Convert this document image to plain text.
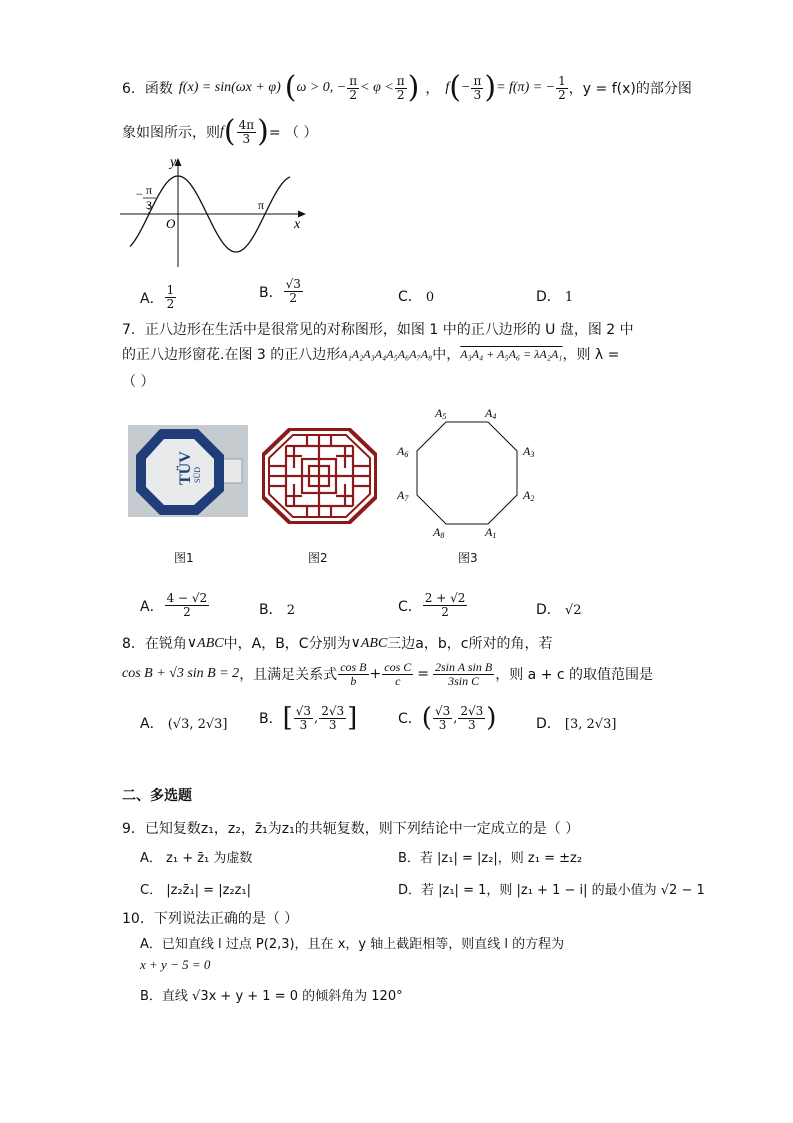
6． 函数 f(x) = sin(ωx + φ) ( ω > 0, − $\frac{\pi}{2} < \varphi < \frac{\pi}{2}$ ) ， f ( − $\frac{\pi}{3}$ ) = f(π) = − $\frac{1}{2}$ ，y = f(x)的部分图
象如图所示，则 f ( $\frac{4\pi}{3}$ ) = （ ）
y
x
O
− π
3	π
A． $\frac{1}{2}$	B． $\frac{√3}{2}$	C． 0	D． 1
7．正八边形在生活中是很常见的对称图形，如图 1 中的正八边形的 U 盘，图 2 中
的正八边形窗花.在图 3 的正八边形 A₁A₂A₃A₄A₅A₆A₇A₈ 中， A₃A₄ + A₅A₆ = λA₂A₁ ，则 λ =
（ ）
TÜV SÜD
图1	图2
A5	A4
A3
A2
A1
A8
A7
A6
图3
A． $\frac{4 - √2}{2}$	B． 2	C． $\frac{2 + √2}{2}$	D． √2
8．在锐角 ∨ABC 中，A，B，C分别为 ∨ABC 三边a，b，c所对的角，若
cos B + √3 sin B = 2 ，且满足关系式 $\frac{\text{cos B}}{b} + \frac{\text{cos C}}{c} = \frac{\text{2sin A sin B}}{\text{3sin C}}$ ，则 a + c 的取值范围是
A． (√3, 2√3] B． [ $\frac{√3}{3}$ , $\frac{2√3}{3}$ ]	C． ( $\frac{√3}{3}$ , $\frac{2√3}{3}$ )	D． [3, 2√3]
二、多选题
9．已知复数z₁，z₂，z̄₁为z₁的共轭复数，则下列结论中一定成立的是（ ）
A． z₁ + z̄₁ 为虚数	B．若 |z₁| = |z₂|，则 z₁ = ±z₂
C． |z₂z̄₁| = |z₂z₁|	D．若 |z₁| = 1，则 |z₁ + 1 − i| 的最小值为 √2 − 1
10．下列说法正确的是（ ）
A．已知直线 l 过点 P(2,3)，且在 x，y 轴上截距相等，则直线 l 的方程为
x + y − 5 = 0
B．直线 √3x + y + 1 = 0 的倾斜角为 120°
